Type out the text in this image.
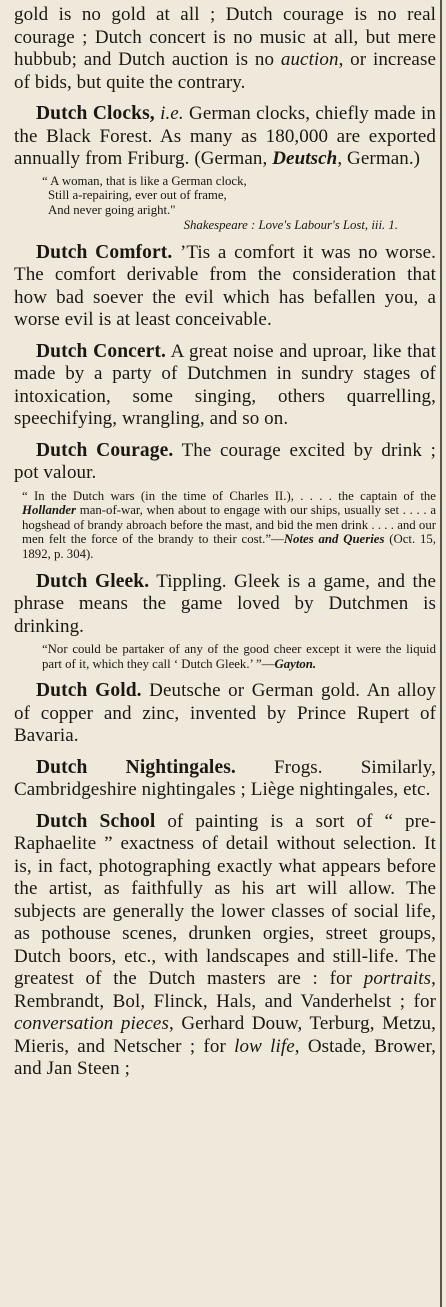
gold is no gold at all ; Dutch courage is no real courage ; Dutch concert is no music at all, but mere hubbub; and Dutch auction is no auction, or increase of bids, but quite the contrary.

Dutch Clocks, i.e. German clocks, chiefly made in the Black Forest. As many as 180,000 are exported annually from Friburg. (German, Deutsch, German.)

“ A woman, that is like a German clock,
Still a-repairing, ever out of frame,
And never going aright."
Shakespeare : Love's Labour's Lost, iii. 1.

Dutch Comfort. ’Tis a comfort it was no worse. The comfort derivable from the consideration that how bad soever the evil which has befallen you, a worse evil is at least conceivable.

Dutch Concert. A great noise and uproar, like that made by a party of Dutchmen in sundry stages of intoxication, some singing, others quarrelling, speechifying, wrangling, and so on.

Dutch Courage. The courage excited by drink ; pot valour.

“ In the Dutch wars (in the time of Charles II.), . . . . the captain of the Hollander man-of-war, when about to engage with our ships, usually set . . . . a hogshead of brandy abroach before the mast, and bid the men drink . . . . and our men felt the force of the brandy to their cost.”—Notes and Queries (Oct. 15, 1892, p. 304).

Dutch Gleek. Tippling. Gleek is a game, and the phrase means the game loved by Dutchmen is drinking.

“Nor could be partaker of any of the good cheer except it were the liquid part of it, which they call ‘ Dutch Gleek.’ ”—Gayton.

Dutch Gold. Deutsche or German gold. An alloy of copper and zinc, invented by Prince Rupert of Bavaria.

Dutch Nightingales. Frogs. Similarly, Cambridgeshire nightingales ; Liège nightingales, etc.

Dutch School of painting is a sort of “ pre-Raphaelite ” exactness of detail without selection. It is, in fact, photographing exactly what appears before the artist, as faithfully as his art will allow. The subjects are generally the lower classes of social life, as pothouse scenes, drunken orgies, street groups, Dutch boors, etc., with landscapes and still-life. The greatest of the Dutch masters are : for portraits, Rembrandt, Bol, Flinck, Hals, and Vanderhelst ; for conversation pieces, Gerhard Douw, Terburg, Metzu, Mieris, and Netscher ; for low life, Ostade, Brower, and Jan Steen ;
